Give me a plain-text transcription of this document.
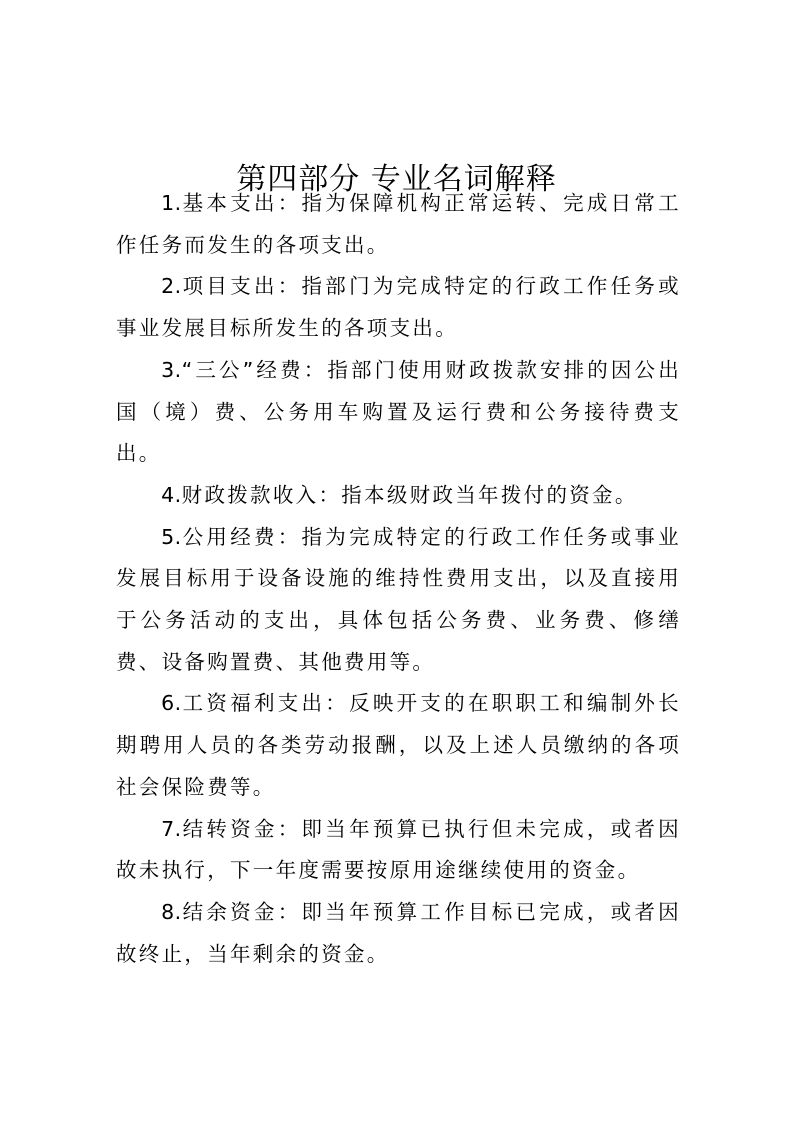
第四部分 专业名词解释

1.基本支出：指为保障机构正常运转、完成日常工作任务而发生的各项支出。

2.项目支出：指部门为完成特定的行政工作任务或事业发展目标所发生的各项支出。

3.“三公”经费：指部门使用财政拨款安排的因公出国（境）费、公务用车购置及运行费和公务接待费支出。

4.财政拨款收入：指本级财政当年拨付的资金。

5.公用经费：指为完成特定的行政工作任务或事业发展目标用于设备设施的维持性费用支出，以及直接用于公务活动的支出，具体包括公务费、业务费、修缮费、设备购置费、其他费用等。

6.工资福利支出：反映开支的在职职工和编制外长期聘用人员的各类劳动报酬，以及上述人员缴纳的各项社会保险费等。

7.结转资金：即当年预算已执行但未完成，或者因故未执行，下一年度需要按原用途继续使用的资金。

8.结余资金：即当年预算工作目标已完成，或者因故终止，当年剩余的资金。
